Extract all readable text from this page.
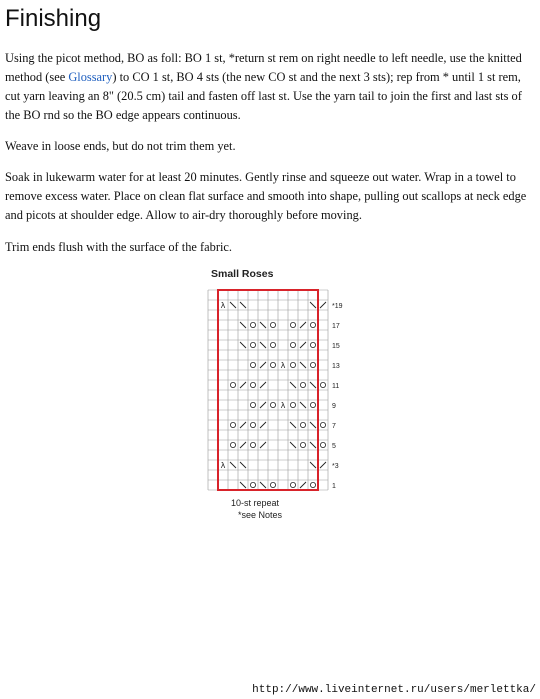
Finishing

Using the picot method, BO as foll: BO 1 st, *return st rem on right needle to left needle, use the knitted method (see Glossary) to CO 1 st, BO 4 sts (the new CO st and the next 3 sts); rep from * until 1 st rem, cut yarn leaving an 8" (20.5 cm) tail and fasten off last st. Use the yarn tail to join the first and last sts of the BO rnd so the BO edge appears continuous.

Weave in loose ends, but do not trim them yet.

Soak in lukewarm water for at least 20 minutes. Gently rinse and squeeze out water. Wrap in a towel to remove excess water. Place on clean flat surface and smooth into shape, pulling out scallops at neck edge and picots at shoulder edge. Allow to air-dry thoroughly before moving.

Trim ends flush with the surface of the fabric.

Small Roses
λ
λ
λ
λ
*19
17
15
13
11
9
7
5
*3
1
10-st repeat
*see Notes
http://www.liveinternet.ru/users/merlettka/
